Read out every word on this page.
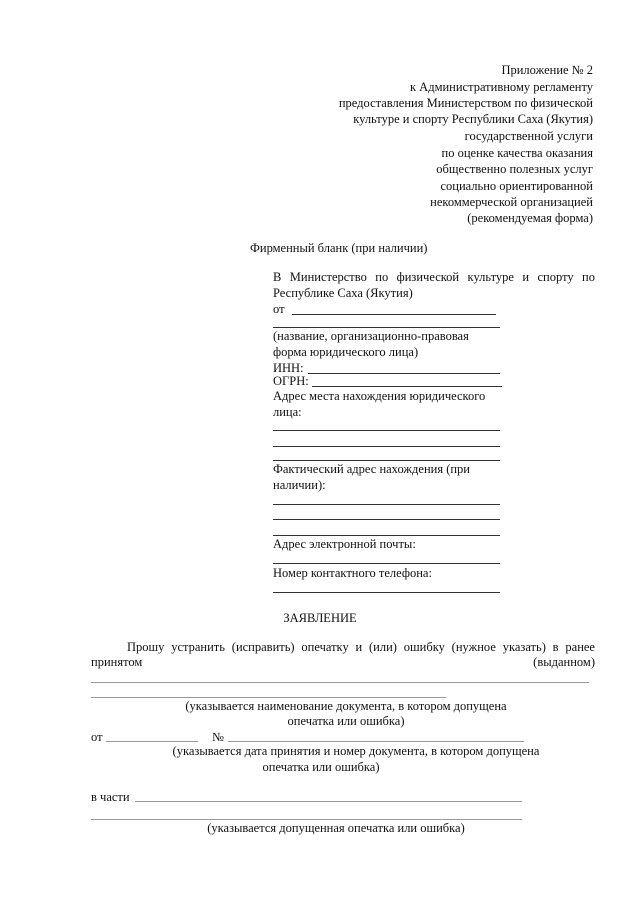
Приложение № 2
к Административному регламенту
предоставления Министерством по физической
культуре и спорту Республики Саха (Якутия)
государственной услуги
по оценке качества оказания
общественно полезных услуг
социально ориентированной
некоммерческой организацией
(рекомендуемая форма)
Фирменный бланк (при наличии)
В Министерство по физической культуре и спорту по
Республике Саха (Якутия)
от
(название, организационно-правовая
форма юридического лица)
ИНН:
ОГРН:
Адрес места нахождения юридического
лица:
Фактический адрес нахождения (при
наличии):
Адрес электронной почты:
Номер контактного телефона:
ЗАЯВЛЕНИЕ
Прошу устранить (исправить) опечатку и (или) ошибку (нужное указать) в ранее
принятом	(выданном)
(указывается наименование документа, в котором допущена
опечатка или ошибка)
от	№
(указывается дата принятия и номер документа, в котором допущена
опечатка или ошибка)
в части
(указывается допущенная опечатка или ошибка)
